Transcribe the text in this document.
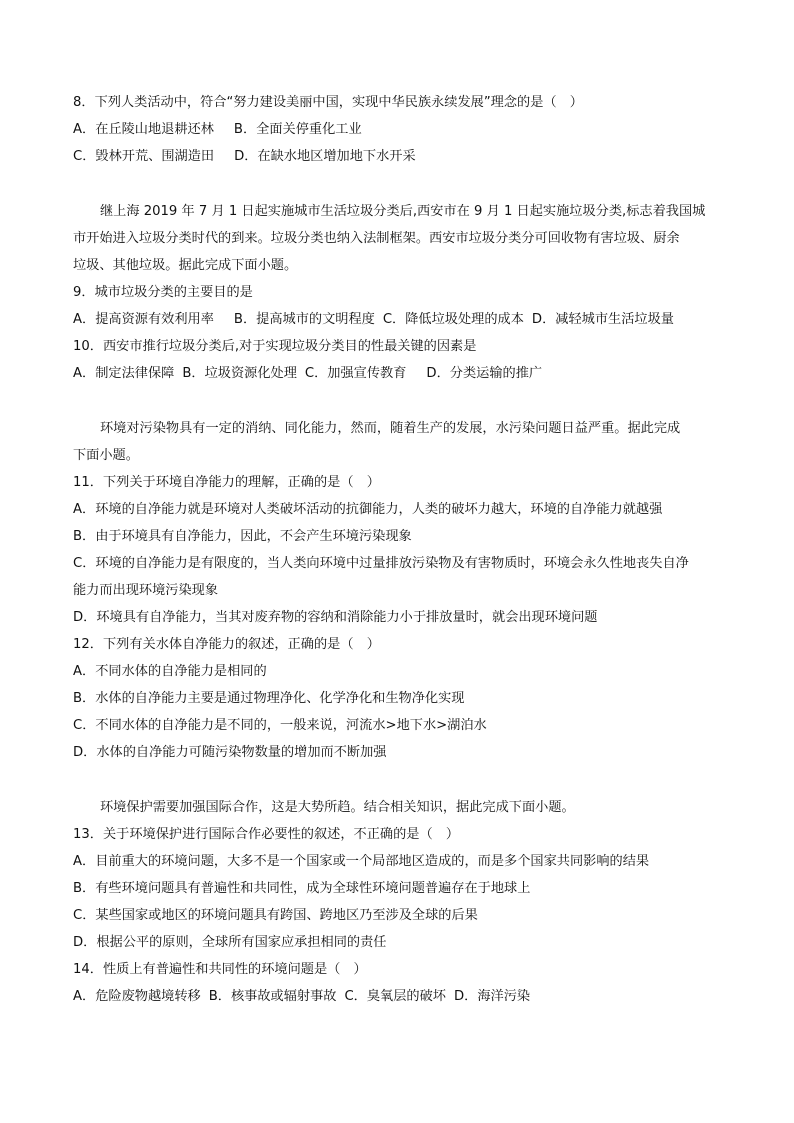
8．下列人类活动中，符合“努力建设美丽中国，实现中华民族永续发展”理念的是（　）
A．在丘陵山地退耕还林 B．全面关停重化工业
C．毁林开荒、围湖造田 D．在缺水地区增加地下水开采
继上海 2019 年 7 月 1 日起实施城市生活垃圾分类后,西安市在 9 月 1 日起实施垃圾分类,标志着我国城
市开始进入垃圾分类时代的到来。垃圾分类也纳入法制框架。西安市垃圾分类分可回收物有害垃圾、厨余
垃圾、其他垃圾。据此完成下面小题。
9．城市垃圾分类的主要目的是
A．提高资源有效利用率 B．提高城市的文明程度 C．降低垃圾处理的成本 D．减轻城市生活垃圾量
10．西安市推行垃圾分类后,对于实现垃圾分类目的性最关键的因素是
A．制定法律保障 B．垃圾资源化处理 C．加强宣传教育 D．分类运输的推广
环境对污染物具有一定的消纳、同化能力，然而，随着生产的发展，水污染问题日益严重。据此完成
下面小题。
11．下列关于环境自净能力的理解，正确的是（　）
A．环境的自净能力就是环境对人类破坏活动的抗御能力，人类的破坏力越大，环境的自净能力就越强
B．由于环境具有自净能力，因此，不会产生环境污染现象
C．环境的自净能力是有限度的，当人类向环境中过量排放污染物及有害物质时，环境会永久性地丧失自净
能力而出现环境污染现象
D．环境具有自净能力，当其对废弃物的容纳和消除能力小于排放量时，就会出现环境问题
12．下列有关水体自净能力的叙述，正确的是（　）
A．不同水体的自净能力是相同的
B．水体的自净能力主要是通过物理净化、化学净化和生物净化实现
C．不同水体的自净能力是不同的，一般来说，河流水>地下水>湖泊水
D．水体的自净能力可随污染物数量的增加而不断加强
环境保护需要加强国际合作，这是大势所趋。结合相关知识，据此完成下面小题。
13．关于环境保护进行国际合作必要性的叙述，不正确的是（　）
A．目前重大的环境问题，大多不是一个国家或一个局部地区造成的，而是多个国家共同影响的结果
B．有些环境问题具有普遍性和共同性，成为全球性环境问题普遍存在于地球上
C．某些国家或地区的环境问题具有跨国、跨地区乃至涉及全球的后果
D．根据公平的原则，全球所有国家应承担相同的责任
14．性质上有普遍性和共同性的环境问题是（　）
A．危险废物越境转移 B．核事故或辐射事故 C．臭氧层的破坏 D．海洋污染
